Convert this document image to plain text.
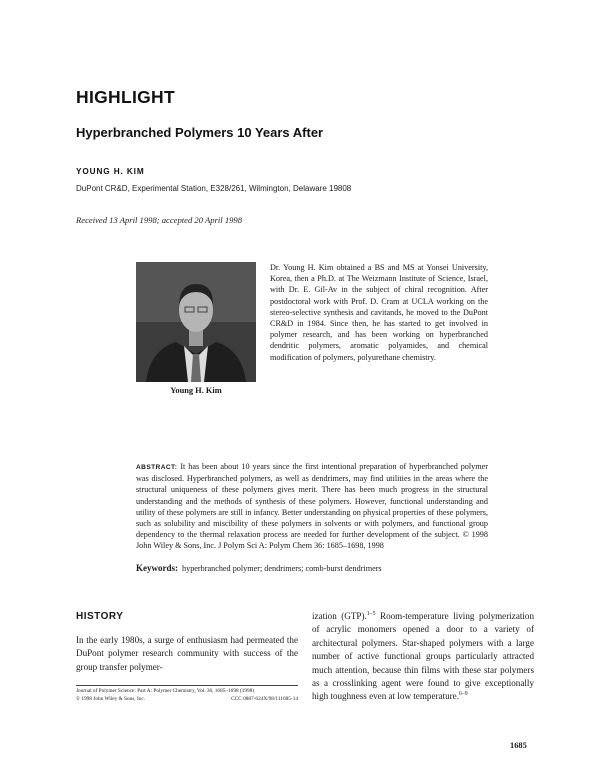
HIGHLIGHT
Hyperbranched Polymers 10 Years After
YOUNG H. KIM
DuPont CR&D, Experimental Station, E328/261, Wilmington, Delaware 19808
Received 13 April 1998; accepted 20 April 1998
Young H. Kim
Dr. Young H. Kim obtained a BS and MS at Yonsei University, Korea, then a Ph.D. at The Weizmann Institute of Science, Israel, with Dr. E. Gil-Av in the subject of chiral recognition. After postdoctoral work with Prof. D. Cram at UCLA working on the stereo-selective synthesis and cavitands, he moved to the DuPont CR&D in 1984. Since then, he has started to get involved in polymer research, and has been working on hyperbranched dendritic polymers, aromatic polyamides, and chemical modification of polymers, polyurethane chemistry.
ABSTRACT: It has been about 10 years since the first intentional preparation of hyperbranched polymer was disclosed. Hyperbranched polymers, as well as dendrimers, may find utilities in the areas where the structural uniqueness of these polymers gives merit. There has been much progress in the structural understanding and the methods of synthesis of these polymers. However, functional understanding and utility of these polymers are still in infancy. Better understanding on physical properties of these polymers, such as solubility and miscibility of these polymers in solvents or with polymers, and functional group dependency to the thermal relaxation process are needed for further development of the subject. © 1998 John Wiley & Sons, Inc. J Polym Sci A: Polym Chem 36: 1685–1698, 1998
Keywords: hyperbranched polymer; dendrimers; comb-burst dendrimers
HISTORY
In the early 1980s, a surge of enthusiasm had permeated the DuPont polymer research community with success of the group transfer polymer-
ization (GTP).$^{1-5}$ Room-temperature living polymerization of acrylic monomers opened a door to a variety of architectural polymers. Star-shaped polymers with a large number of active functional groups particularly attracted much attention, because thin films with these star polymers as a crosslinking agent were found to give exceptionally high toughness even at low temperature.$^{6-9}$
Journal of Polymer Science: Part A: Polymer Chemistry, Vol. 36, 1685–1698 (1998)
© 1998 John Wiley & Sons, Inc.	CCC 0887-624X/98/111685-14
1685
